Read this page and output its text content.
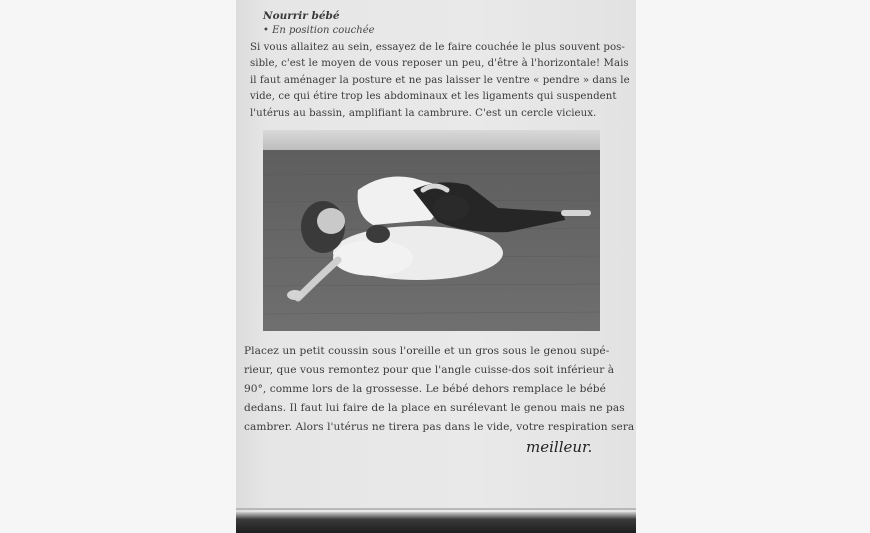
Nourrir bébé
• En position couchée
Si vous allaitez au sein, essayez de le faire couchée le plus souvent pos-
sible, c'est le moyen de vous reposer un peu, d'être à l'horizontale! Mais
il faut aménager la posture et ne pas laisser le ventre « pendre » dans le
vide, ce qui étire trop les abdominaux et les ligaments qui suspendent
l'utérus au bassin, amplifiant la cambrure. C'est un cercle vicieux.
Placez un petit coussin sous l'oreille et un gros sous le genou supé-
rieur, que vous remontez pour que l'angle cuisse-dos soit inférieur à
90°, comme lors de la grossesse. Le bébé dehors remplace le bébé
dedans. Il faut lui faire de la place en surélevant le genou mais ne pas
cambrer. Alors l'utérus ne tirera pas dans le vide, votre respiration sera
meilleur.
